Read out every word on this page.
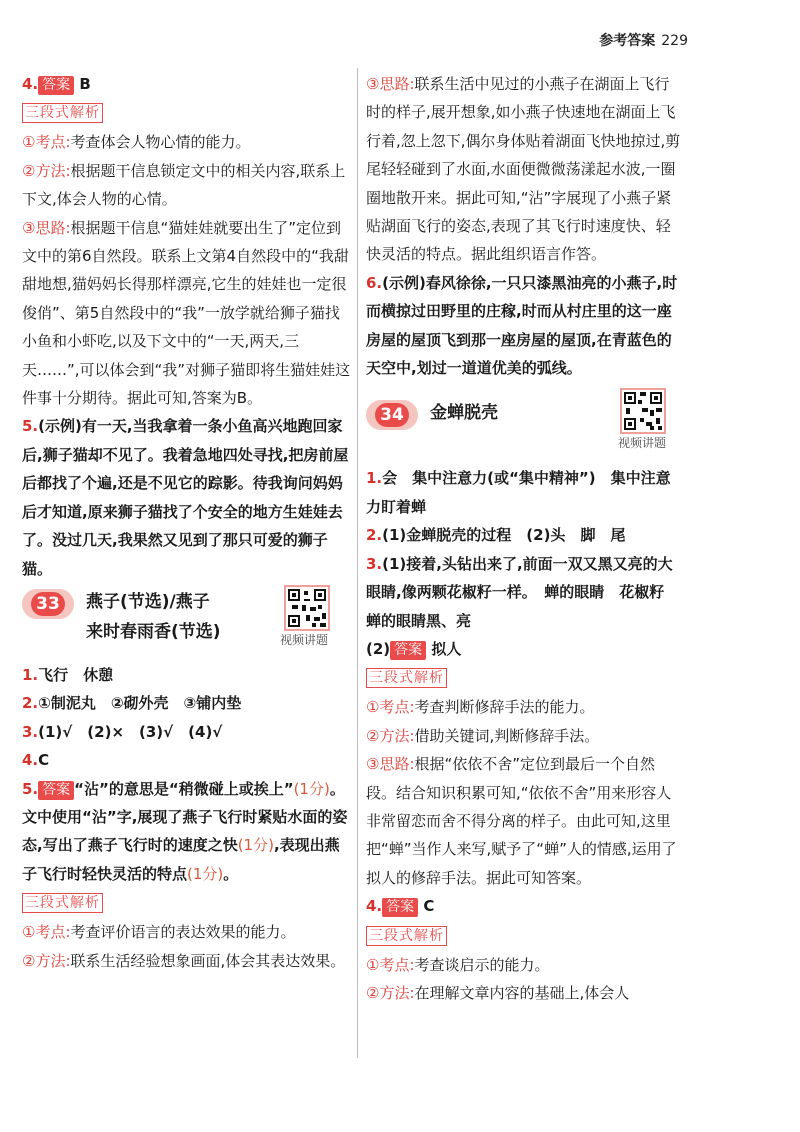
参考答案 229

4. 答案 B

三段式解析

①考点:考查体会人物心情的能力。

②方法:根据题干信息锁定文中的相关内容,联系上下文,体会人物的心情。

③思路:根据题干信息“猫娃娃就要出生了”定位到文中的第6自然段。联系上文第4自然段中的“我甜甜地想,猫妈妈长得那样漂亮,它生的娃娃也一定很俊俏”、第5自然段中的“我”一放学就给狮子猫找小鱼和小虾吃,以及下文中的“一天,两天,三天……”,可以体会到“我”对狮子猫即将生猫娃娃这件事十分期待。据此可知,答案为B。

5.(示例)有一天,当我拿着一条小鱼高兴地跑回家后,狮子猫却不见了。我着急地四处寻找,把房前屋后都找了个遍,还是不见它的踪影。待我询问妈妈后才知道,原来狮子猫找了个安全的地方生娃娃去了。没过几天,我果然又见到了那只可爱的狮子猫。

33	燕子(节选)/燕子
来时春雨香(节选)	视频讲题

1.飞行　休憩

2.①制泥丸　②砌外壳　③铺内垫

3.(1)√　(2)×　(3)√　(4)√

4.C

5. 答案 “沾”的意思是“稍微碰上或挨上”(1分)。文中使用“沾”字,展现了燕子飞行时紧贴水面的姿态,写出了燕子飞行时的速度之快(1分),表现出燕子飞行时轻快灵活的特点(1分)。

三段式解析

①考点:考查评价语言的表达效果的能力。

②方法:联系生活经验想象画面,体会其表达效果。

③思路:联系生活中见过的小燕子在湖面上飞行时的样子,展开想象,如小燕子快速地在湖面上飞行着,忽上忽下,偶尔身体贴着湖面飞快地掠过,剪尾轻轻碰到了水面,水面便微微荡漾起水波,一圈圈地散开来。据此可知,“沾”字展现了小燕子紧贴湖面飞行的姿态,表现了其飞行时速度快、轻快灵活的特点。据此组织语言作答。

6.(示例)春风徐徐,一只只漆黑油亮的小燕子,时而横掠过田野里的庄稼,时而从村庄里的这一座房屋的屋顶飞到那一座房屋的屋顶,在青蓝色的天空中,划过一道道优美的弧线。

34	金蝉脱壳
视频讲题

1.会　集中注意力(或“集中精神”)　集中注意力盯着蝉

2.(1)金蝉脱壳的过程　(2)头　脚　尾

3.(1)接着,头钻出来了,前面一双又黑又亮的大眼睛,像两颗花椒籽一样。　蝉的眼睛　花椒籽　蝉的眼睛黑、亮

(2) 答案 拟人

三段式解析

①考点:考查判断修辞手法的能力。

②方法:借助关键词,判断修辞手法。

③思路:根据“依依不舍”定位到最后一个自然段。结合知识积累可知,“依依不舍”用来形容人非常留恋而舍不得分离的样子。由此可知,这里把“蝉”当作人来写,赋予了“蝉”人的情感,运用了拟人的修辞手法。据此可知答案。

4. 答案 C

三段式解析

①考点:考查谈启示的能力。

②方法:在理解文章内容的基础上,体会人
